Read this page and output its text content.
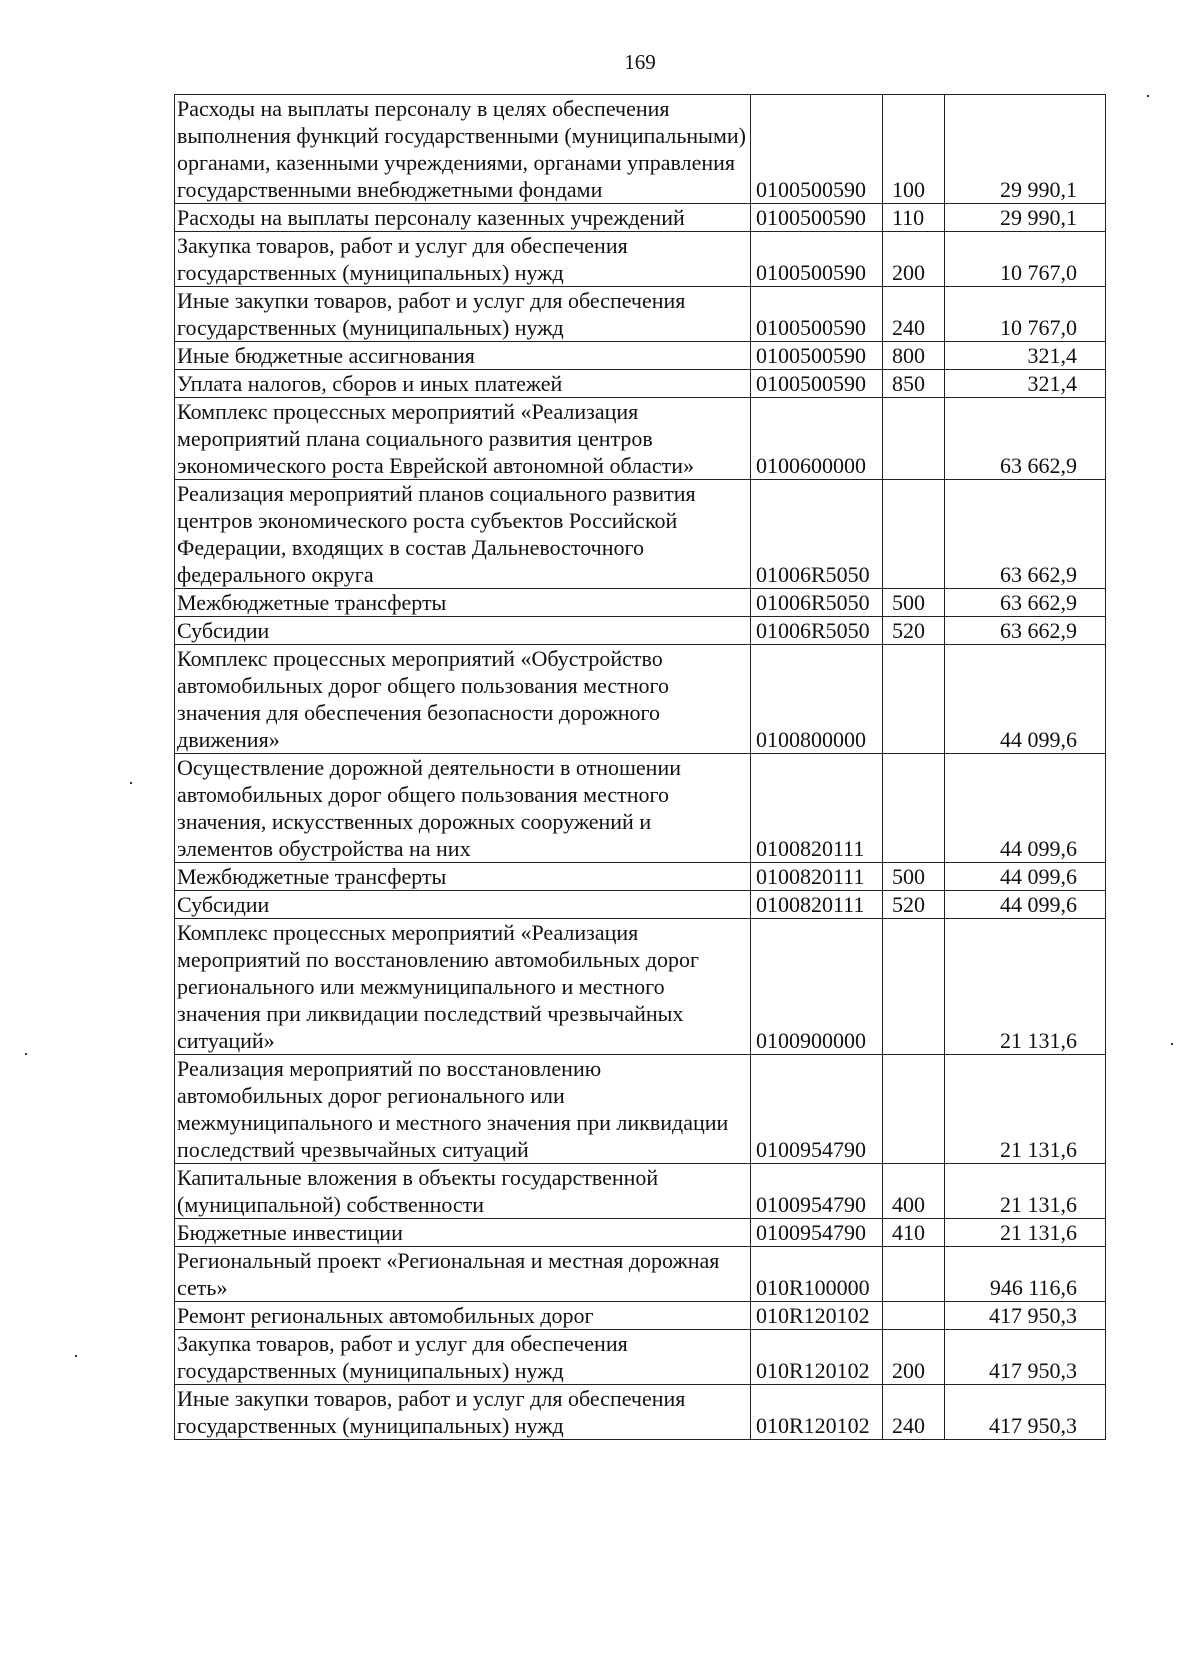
169
Расходы на выплаты персоналу в целях обеспечения выполнения функций государственными (муниципальными) органами, казенными учреждениями, органами управления государственными внебюджетными фондами	0100500590	100	29 990,1
Расходы на выплаты персоналу казенных учреждений	0100500590	110	29 990,1
Закупка товаров, работ и услуг для обеспечения государственных (муниципальных) нужд	0100500590	200	10 767,0
Иные закупки товаров, работ и услуг для обеспечения государственных (муниципальных) нужд	0100500590	240	10 767,0
Иные бюджетные ассигнования	0100500590	800	321,4
Уплата налогов, сборов и иных платежей	0100500590	850	321,4
Комплекс процессных мероприятий «Реализация мероприятий плана социального развития центров экономического роста Еврейской автономной области»	0100600000		63 662,9
Реализация мероприятий планов социального развития центров экономического роста субъектов Российской Федерации, входящих в состав Дальневосточного федерального округа	01006R5050		63 662,9
Межбюджетные трансферты	01006R5050	500	63 662,9
Субсидии	01006R5050	520	63 662,9
Комплекс процессных мероприятий «Обустройство автомобильных дорог общего пользования местного значения для обеспечения безопасности дорожного движения»	0100800000		44 099,6
Осуществление дорожной деятельности в отношении автомобильных дорог общего пользования местного значения, искусственных дорожных сооружений и элементов обустройства на них	0100820111		44 099,6
Межбюджетные трансферты	0100820111	500	44 099,6
Субсидии	0100820111	520	44 099,6
Комплекс процессных мероприятий «Реализация мероприятий по восстановлению автомобильных дорог регионального или межмуниципального и местного значения при ликвидации последствий чрезвычайных ситуаций»	0100900000		21 131,6
Реализация мероприятий по восстановлению автомобильных дорог регионального или межмуниципального и местного значения при ликвидации последствий чрезвычайных ситуаций	0100954790		21 131,6
Капитальные вложения в объекты государственной (муниципальной) собственности	0100954790	400	21 131,6
Бюджетные инвестиции	0100954790	410	21 131,6
Региональный проект «Региональная и местная дорожная сеть»	010R100000		946 116,6
Ремонт региональных автомобильных дорог	010R120102		417 950,3
Закупка товаров, работ и услуг для обеспечения государственных (муниципальных) нужд	010R120102	200	417 950,3
Иные закупки товаров, работ и услуг для обеспечения государственных (муниципальных) нужд	010R120102	240	417 950,3
